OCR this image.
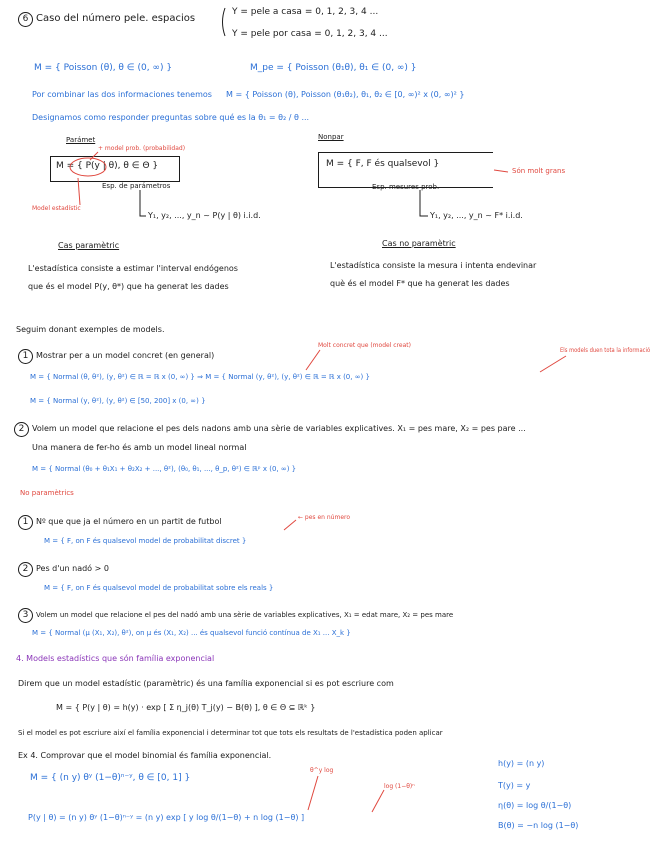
6 Caso del número pele. espacios
Y = pele a casa = 0, 1, 2, 3, 4 ...
Y = pele por casa = 0, 1, 2, 3, 4 ...
M = { Poisson (θ), θ ∈ (0, ∞) }	M_pe = { Poisson (θ₁θ), θ₁ ∈ (0, ∞) }
Por combinar las dos informaciones tenemos M = { Poisson (θ), Poisson (θ₁θ₂), θ₁, θ₂ ∈ [0, ∞)² x (0, ∞)² }
Designamos como responder preguntas sobre qué es la θ₁ = θ₂ / θ ...
Parámet
+ model prob. (probabilidad)
M = { P(y | θ), θ ∈ Θ }
Esp. de parámetros
Model estadístic
Y₁, y₂, ..., y_n ~ P(y | θ) i.i.d.
Cas paramètric
L'estadística consiste a estimar l'interval endógenos
que és el model P(y, θ*) que ha generat les dades
Nonpar
M = { F, F és qualsevol }
Esp. mesures prob.
Són molt grans
Y₁, y₂, ..., y_n ~ F* i.i.d.
Cas no paramètric
L'estadística consiste la mesura i intenta endevinar
què és el model F* que ha generat les dades
Seguim donant exemples de models.
1 Mostrar per a un model concret (en general)
Molt concret que (model creat)
Els models duen tota la informació
M = { Normal (θ, θ²), (y, θ²) ∈ ℝ = ℝ x (0, ∞) } ⇒ M = { Normal (y, θ²), (y, θ²) ∈ ℝ = ℝ x (0, ∞) }
M = { Normal (y, θ²), (y, θ²) ∈ [50, 200] x (0, ∞) }
2 Volem un model que relacione el pes dels nadons amb una sèrie de variables explicatives. X₁ = pes mare, X₂ = pes pare ...
Una manera de fer-ho és amb un model lineal normal
M = { Normal (θ₀ + θ₁X₁ + θ₂X₂ + ..., θ²), (θ₀, θ₁, ..., θ_p, θ²) ∈ ℝᵖ x (0, ∞) }
No paramètrics
1 Nº que que ja el número en un partit de futbol	← pes en número
M = { F, on F és qualsevol model de probabilitat discret }
2 Pes d'un nadó > 0
M = { F, on F és qualsevol model de probabilitat sobre els reals }
3 Volem un model que relacione el pes del nadó amb una sèrie de variables explicatives, X₁ = edat mare, X₂ = pes mare
M = { Normal (μ (X₁, X₂), θ²), on μ és (X₁, X₂) ... és qualsevol funció contínua de X₁ ... X_k }
4. Models estadístics que són família exponencial
Direm que un model estadístic (paramètric) és una família exponencial si es pot escriure com
M = { P(y | θ) = h(y) · exp [ Σ η_j(θ) T_j(y) − B(θ) ], θ ∈ Θ ⊆ ℝᵏ }
Si el model es pot escriure així el família exponencial i determinar tot que tots els resultats de l'estadística poden aplicar
Ex 4. Comprovar que el model binomial és família exponencial.
M = { (n y) θʸ (1−θ)ⁿ⁻ʸ, θ ∈ [0, 1] }
θ^y log
log (1−θ)ⁿ
P(y | θ) = (n y) θʸ (1−θ)ⁿ⁻ʸ = (n y) exp [ y log θ/(1−θ) + n log (1−θ) ]
h(y) = (n y)
T(y) = y
η(θ) = log θ/(1−θ)
B(θ) = −n log (1−θ)
